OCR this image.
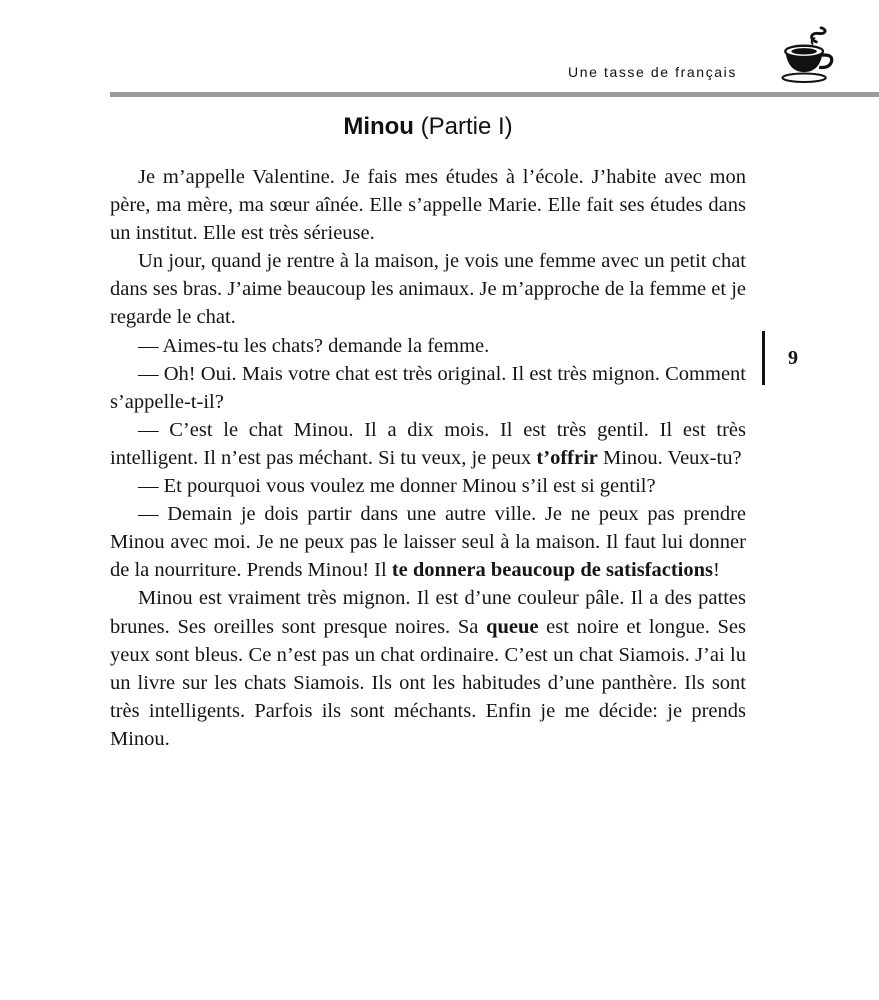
Une tasse de français
9
Minou (Partie I)

Je m’appelle Valentine. Je fais mes études à l’école. J’habite avec mon père, ma mère, ma sœur aînée. Elle s’appelle Marie. Elle fait ses études dans un institut. Elle est très sérieuse.

Un jour, quand je rentre à la maison, je vois une femme avec un petit chat dans ses bras. J’aime beaucoup les animaux. Je m’approche de la femme et je regarde le chat.

— Aimes-tu les chats? demande la femme.

— Oh! Oui. Mais votre chat est très original. Il est très mignon. Comment s’appelle-t-il?

— C’est le chat Minou. Il a dix mois. Il est très gentil. Il est très intelligent. Il n’est pas méchant. Si tu veux, je peux t’offrir Minou. Veux-tu?

— Et pourquoi vous voulez me donner Minou s’il est si gentil?

— Demain je dois partir dans une autre ville. Je ne peux pas prendre Minou avec moi. Je ne peux pas le laisser seul à la maison. Il faut lui donner de la nourriture. Prends Minou! Il te donnera beaucoup de satisfactions!

Minou est vraiment très mignon. Il est d’une couleur pâle. Il a des pattes brunes. Ses oreilles sont presque noires. Sa queue est noire et longue. Ses yeux sont bleus. Ce n’est pas un chat ordinaire. C’est un chat Siamois. J’ai lu un livre sur les chats Siamois. Ils ont les habitudes d’une panthère. Ils sont très intelligents. Parfois ils sont méchants. Enfin je me décide: je prends Minou.
